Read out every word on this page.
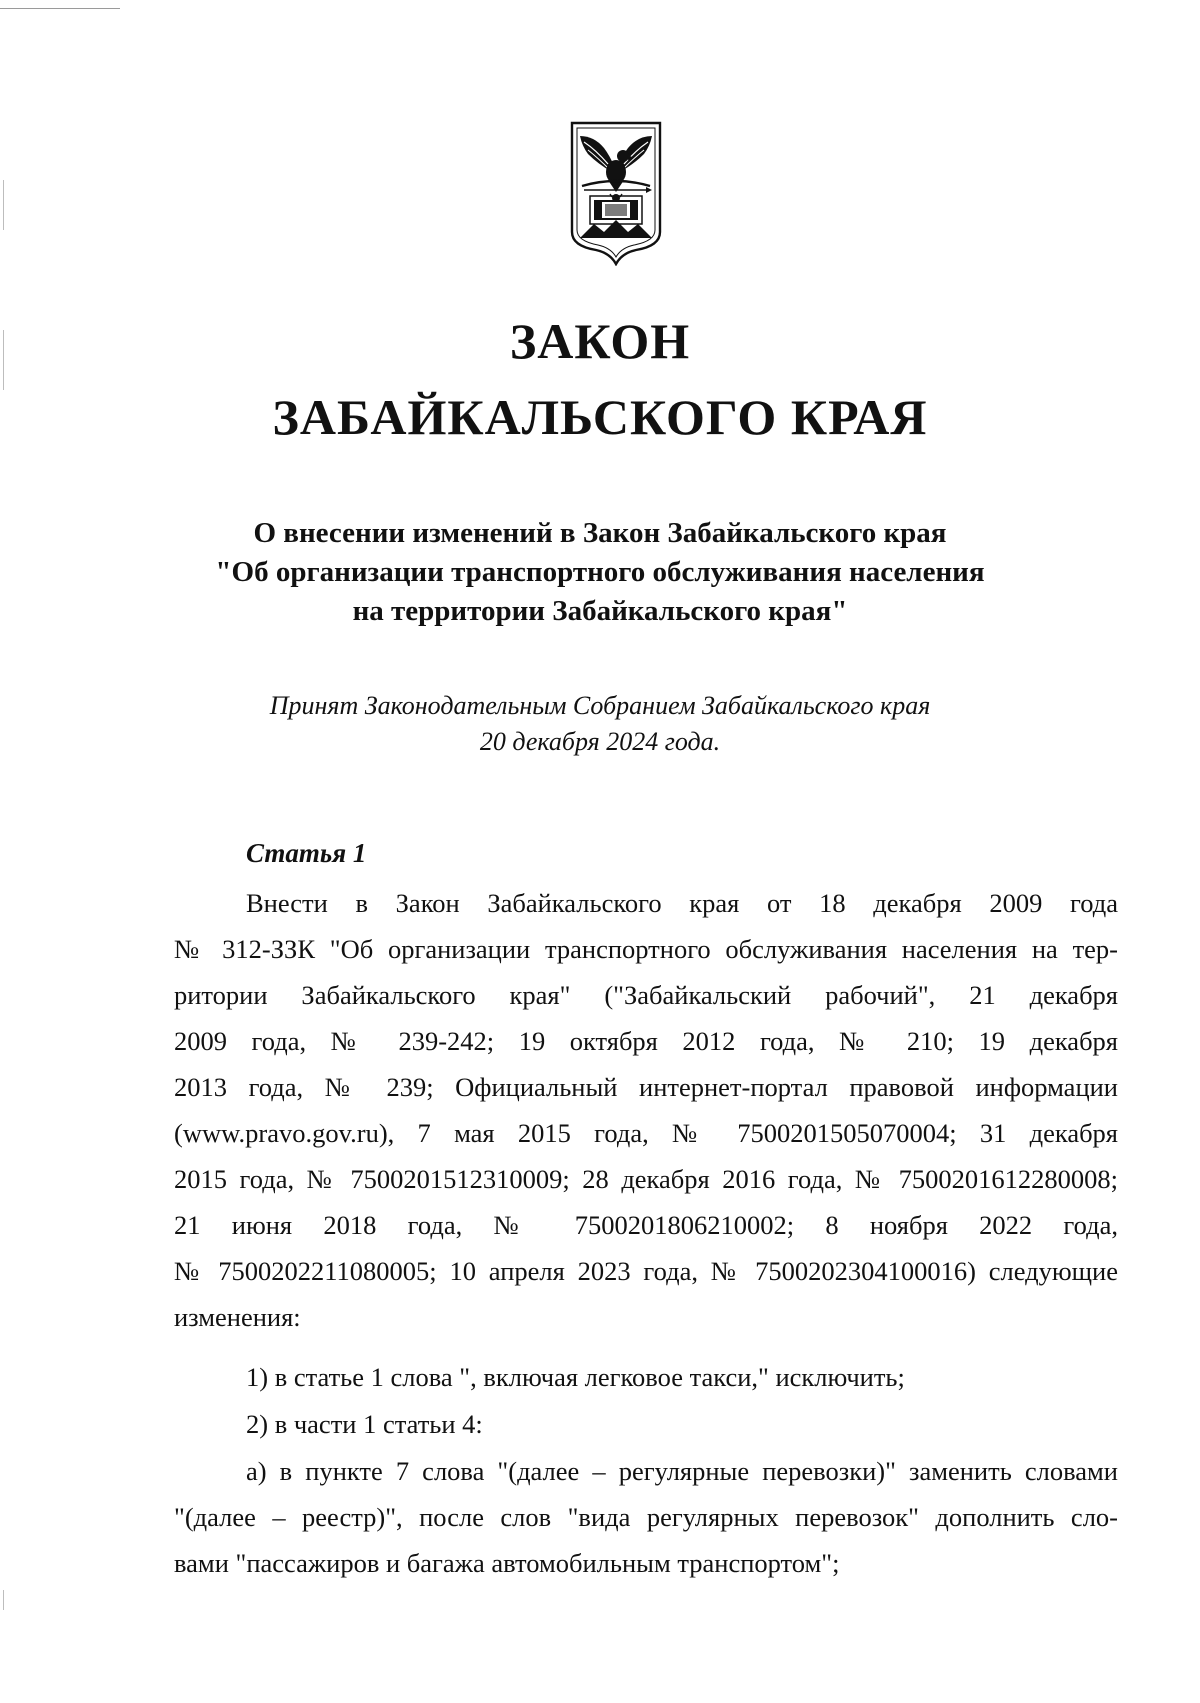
ЗАКОН
ЗАБАЙКАЛЬСКОГО КРАЯ
О внесении изменений в Закон Забайкальского края
"Об организации транспортного обслуживания населения
на территории Забайкальского края"
Принят Законодательным Собранием Забайкальского края
20 декабря 2024 года.
Статья 1
Внести в Закон Забайкальского края от 18 декабря 2009 года
№ 312-ЗЗК "Об организации транспортного обслуживания населения на тер-
ритории Забайкальского края" ("Забайкальский рабочий", 21 декабря
2009 года, № 239-242; 19 октября 2012 года, № 210; 19 декабря
2013 года, № 239; Официальный интернет-портал правовой информации
(www.pravo.gov.ru), 7 мая 2015 года, № 7500201505070004; 31 декабря
2015 года, № 7500201512310009; 28 декабря 2016 года, № 7500201612280008;
21 июня 2018 года, № 7500201806210002; 8 ноября 2022 года,
№ 7500202211080005; 10 апреля 2023 года, № 7500202304100016) следующие
изменения:
1) в статье 1 слова ", включая легковое такси," исключить;
2) в части 1 статьи 4:
а) в пункте 7 слова "(далее – регулярные перевозки)" заменить словами
"(далее – реестр)", после слов "вида регулярных перевозок" дополнить сло-
вами "пассажиров и багажа автомобильным транспортом";
